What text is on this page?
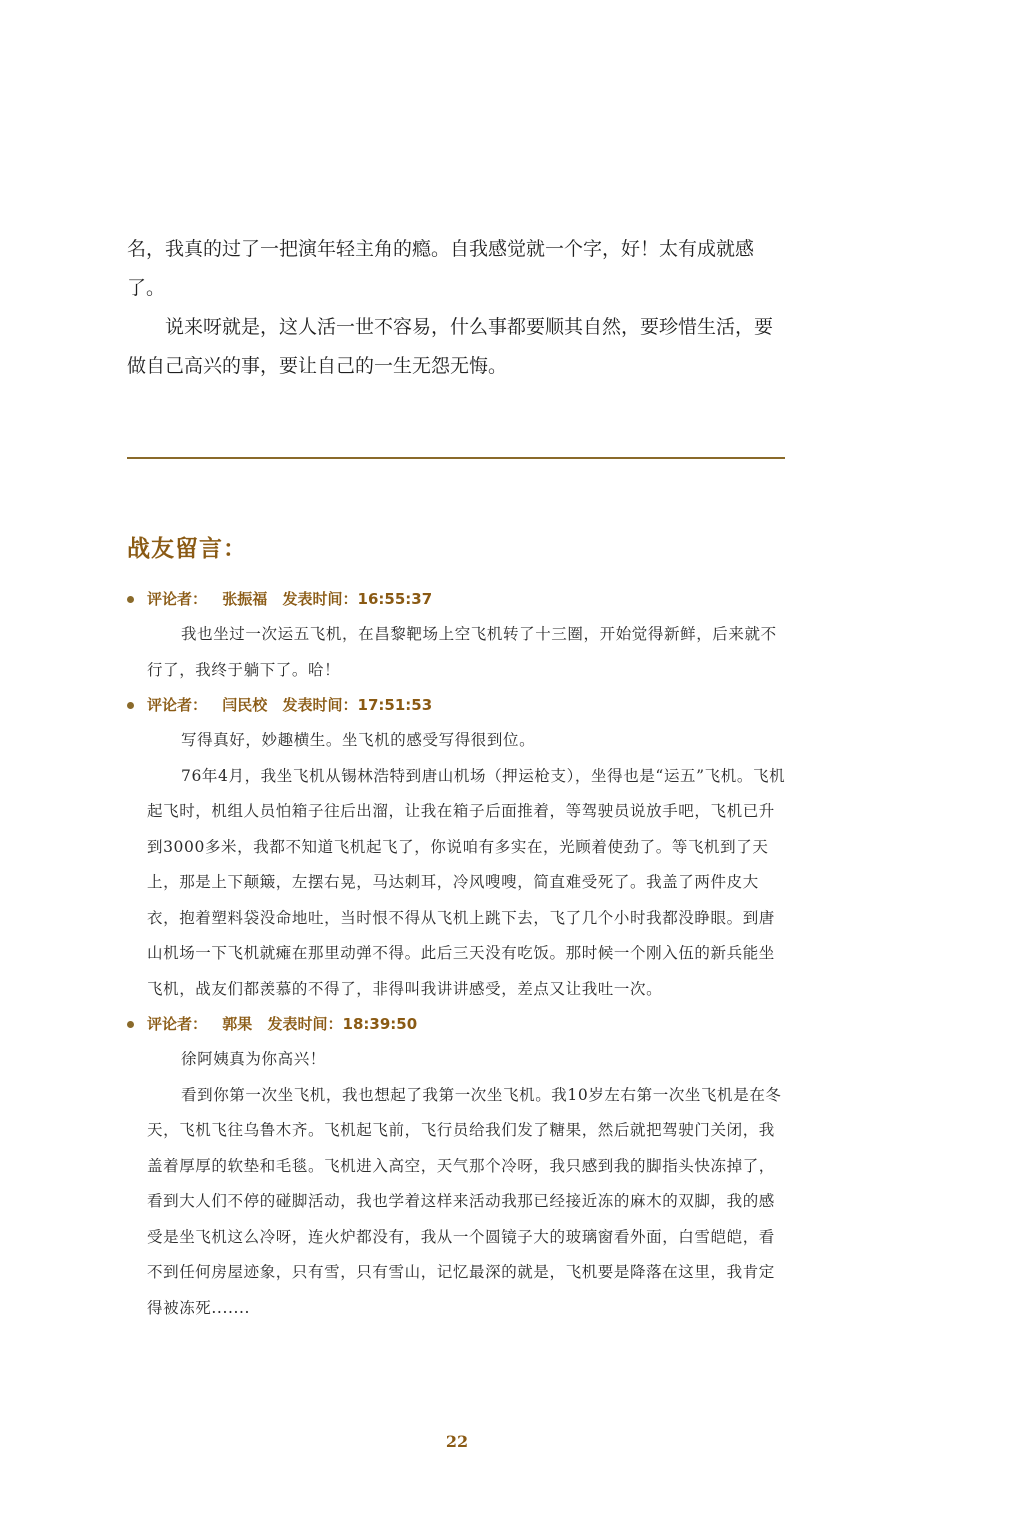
名，我真的过了一把演年轻主角的瘾。自我感觉就一个字，好！太有成就感了。

说来呀就是，这人活一世不容易，什么事都要顺其自然，要珍惜生活，要做自己高兴的事，要让自己的一生无怨无悔。

战友留言：
评论者： 张振福 发表时间：16:55:37

我也坐过一次运五飞机，在昌黎靶场上空飞机转了十三圈，开始觉得新鲜，后来就不行了，我终于躺下了。哈！

评论者： 闫民校 发表时间：17:51:53

写得真好，妙趣横生。坐飞机的感受写得很到位。

76年4月，我坐飞机从锡林浩特到唐山机场（押运枪支），坐得也是“运五”飞机。飞机起飞时，机组人员怕箱子往后出溜，让我在箱子后面推着，等驾驶员说放手吧，飞机已升到3000多米，我都不知道飞机起飞了，你说咱有多实在，光顾着使劲了。等飞机到了天上，那是上下颠簸，左摆右晃，马达刺耳，冷风嗖嗖，简直难受死了。我盖了两件皮大衣，抱着塑料袋没命地吐，当时恨不得从飞机上跳下去，飞了几个小时我都没睁眼。到唐山机场一下飞机就瘫在那里动弹不得。此后三天没有吃饭。那时候一个刚入伍的新兵能坐飞机，战友们都羡慕的不得了，非得叫我讲讲感受，差点又让我吐一次。

评论者： 郭果 发表时间：18:39:50

徐阿姨真为你高兴！

看到你第一次坐飞机，我也想起了我第一次坐飞机。我10岁左右第一次坐飞机是在冬天，飞机飞往乌鲁木齐。飞机起飞前，飞行员给我们发了糖果，然后就把驾驶门关闭，我盖着厚厚的软垫和毛毯。飞机进入高空，天气那个冷呀，我只感到我的脚指头快冻掉了，看到大人们不停的碰脚活动，我也学着这样来活动我那已经接近冻的麻木的双脚，我的感受是坐飞机这么冷呀，连火炉都没有，我从一个圆镜子大的玻璃窗看外面，白雪皑皑，看不到任何房屋迹象，只有雪，只有雪山，记忆最深的就是，飞机要是降落在这里，我肯定得被冻死.......

22
